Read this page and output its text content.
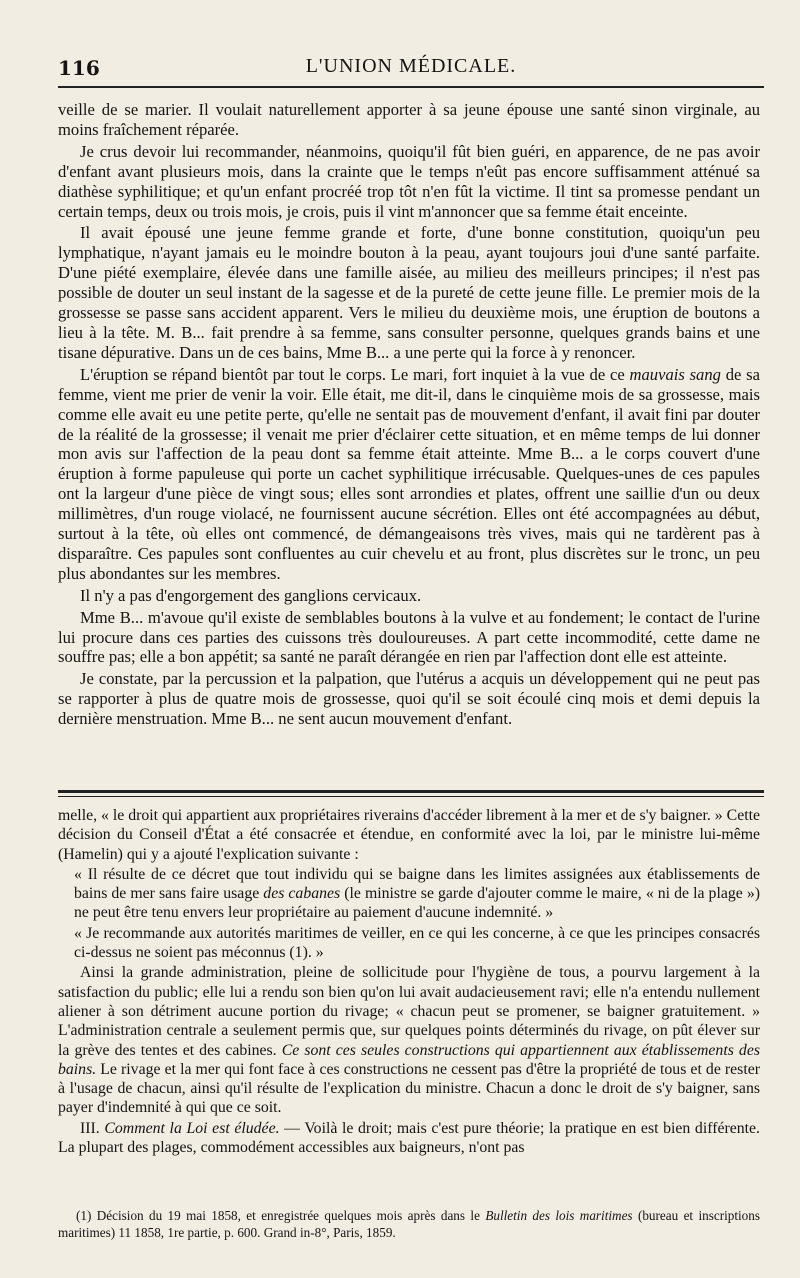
116	L'UNION MÉDICALE.

veille de se marier. Il voulait naturellement apporter à sa jeune épouse une santé sinon virginale, au moins fraîchement réparée.

Je crus devoir lui recommander, néanmoins, quoiqu'il fût bien guéri, en apparence, de ne pas avoir d'enfant avant plusieurs mois, dans la crainte que le temps n'eût pas encore suffisamment atténué sa diathèse syphilitique; et qu'un enfant procréé trop tôt n'en fût la victime. Il tint sa promesse pendant un certain temps, deux ou trois mois, je crois, puis il vint m'annoncer que sa femme était enceinte.

Il avait épousé une jeune femme grande et forte, d'une bonne constitution, quoiqu'un peu lymphatique, n'ayant jamais eu le moindre bouton à la peau, ayant toujours joui d'une santé parfaite. D'une piété exemplaire, élevée dans une famille aisée, au milieu des meilleurs principes; il n'est pas possible de douter un seul instant de la sagesse et de la pureté de cette jeune fille. Le premier mois de la grossesse se passe sans accident apparent. Vers le milieu du deuxième mois, une éruption de boutons a lieu à la tête. M. B... fait prendre à sa femme, sans consulter personne, quelques grands bains et une tisane dépurative. Dans un de ces bains, Mme B... a une perte qui la force à y renoncer.

L'éruption se répand bientôt par tout le corps. Le mari, fort inquiet à la vue de ce mauvais sang de sa femme, vient me prier de venir la voir. Elle était, me dit-il, dans le cinquième mois de sa grossesse, mais comme elle avait eu une petite perte, qu'elle ne sentait pas de mouvement d'enfant, il avait fini par douter de la réalité de la grossesse; il venait me prier d'éclairer cette situation, et en même temps de lui donner mon avis sur l'affection de la peau dont sa femme était atteinte. Mme B... a le corps couvert d'une éruption à forme papuleuse qui porte un cachet syphilitique irrécusable. Quelques-unes de ces papules ont la largeur d'une pièce de vingt sous; elles sont arrondies et plates, offrent une saillie d'un ou deux millimètres, d'un rouge violacé, ne fournissent aucune sécrétion. Elles ont été accompagnées au début, surtout à la tête, où elles ont commencé, de démangeaisons très vives, mais qui ne tardèrent pas à disparaître. Ces papules sont confluentes au cuir chevelu et au front, plus discrètes sur le tronc, un peu plus abondantes sur les membres.

Il n'y a pas d'engorgement des ganglions cervicaux.

Mme B... m'avoue qu'il existe de semblables boutons à la vulve et au fondement; le contact de l'urine lui procure dans ces parties des cuissons très douloureuses. A part cette incommodité, cette dame ne souffre pas; elle a bon appétit; sa santé ne paraît dérangée en rien par l'affection dont elle est atteinte.

Je constate, par la percussion et la palpation, que l'utérus a acquis un développement qui ne peut pas se rapporter à plus de quatre mois de grossesse, quoi qu'il se soit écoulé cinq mois et demi depuis la dernière menstruation. Mme B... ne sent aucun mouvement d'enfant.

melle, « le droit qui appartient aux propriétaires riverains d'accéder librement à la mer et de s'y baigner. » Cette décision du Conseil d'État a été consacrée et étendue, en conformité avec la loi, par le ministre lui-même (Hamelin) qui y a ajouté l'explication suivante :

« Il résulte de ce décret que tout individu qui se baigne dans les limites assignées aux établissements de bains de mer sans faire usage des cabanes (le ministre se garde d'ajouter comme le maire, « ni de la plage ») ne peut être tenu envers leur propriétaire au paiement d'aucune indemnité. »

« Je recommande aux autorités maritimes de veiller, en ce qui les concerne, à ce que les principes consacrés ci-dessus ne soient pas méconnus (1). »

Ainsi la grande administration, pleine de sollicitude pour l'hygiène de tous, a pourvu largement à la satisfaction du public; elle lui a rendu son bien qu'on lui avait audacieusement ravi; elle n'a entendu nullement aliener à son détriment aucune portion du rivage; « chacun peut se promener, se baigner gratuitement. » L'administration centrale a seulement permis que, sur quelques points déterminés du rivage, on pût élever sur la grève des tentes et des cabines. Ce sont ces seules constructions qui appartiennent aux établissements des bains. Le rivage et la mer qui font face à ces constructions ne cessent pas d'être la propriété de tous et de rester à l'usage de chacun, ainsi qu'il résulte de l'explication du ministre. Chacun a donc le droit de s'y baigner, sans payer d'indemnité à qui que ce soit.

III. Comment la Loi est éludée. — Voilà le droit; mais c'est pure théorie; la pratique en est bien différente. La plupart des plages, commodément accessibles aux baigneurs, n'ont pas

(1) Décision du 19 mai 1858, et enregistrée quelques mois après dans le Bulletin des lois maritimes (bureau et inscriptions maritimes) 11 1858, 1re partie, p. 600. Grand in-8°, Paris, 1859.
